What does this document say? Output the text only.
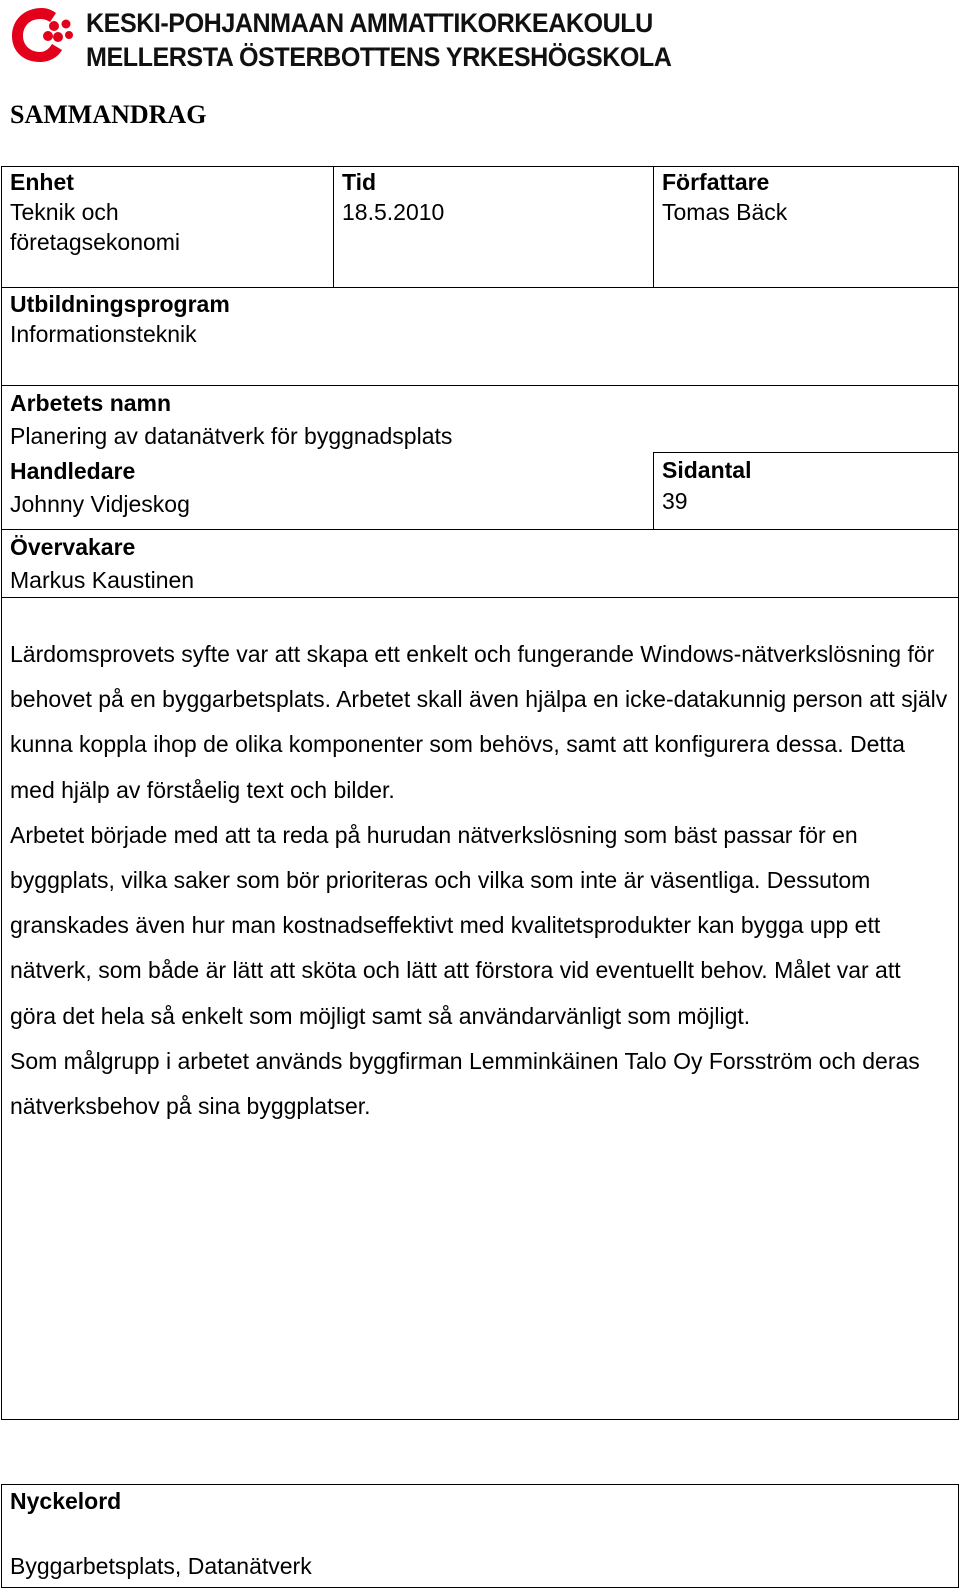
KESKI-POHJANMAAN AMMATTIKORKEAKOULU
MELLERSTA ÖSTERBOTTENS YRKESHÖGSKOLA
SAMMANDRAG
Enhet
Teknik och företagsekonomi
Tid
18.5.2010
Författare
Tomas Bäck
Utbildningsprogram
Informationsteknik
Arbetets namn
Planering av datanätverk för byggnadsplats
Handledare
Johnny Vidjeskog
Sidantal
39
Övervakare
Markus Kaustinen

Lärdomsprovets syfte var att skapa ett enkelt och fungerande Windows-nätverkslösning för behovet på en byggarbetsplats. Arbetet skall även hjälpa en icke-datakunnig person att själv kunna koppla ihop de olika komponenter som behövs, samt att konfigurera dessa. Detta med hjälp av förståelig text och bilder.

Arbetet började med att ta reda på hurudan nätverkslösning som bäst passar för en byggplats, vilka saker som bör prioriteras och vilka som inte är väsentliga. Dessutom granskades även hur man kostnadseffektivt med kvalitetsprodukter kan bygga upp ett nätverk, som både är lätt att sköta och lätt att förstora vid eventuellt behov. Målet var att göra det hela så enkelt som möjligt samt så användarvänligt som möjligt.

Som målgrupp i arbetet används byggfirman Lemminkäinen Talo Oy Forsström och deras nätverksbehov på sina byggplatser.

Nyckelord
Byggarbetsplats, Datanätverk
